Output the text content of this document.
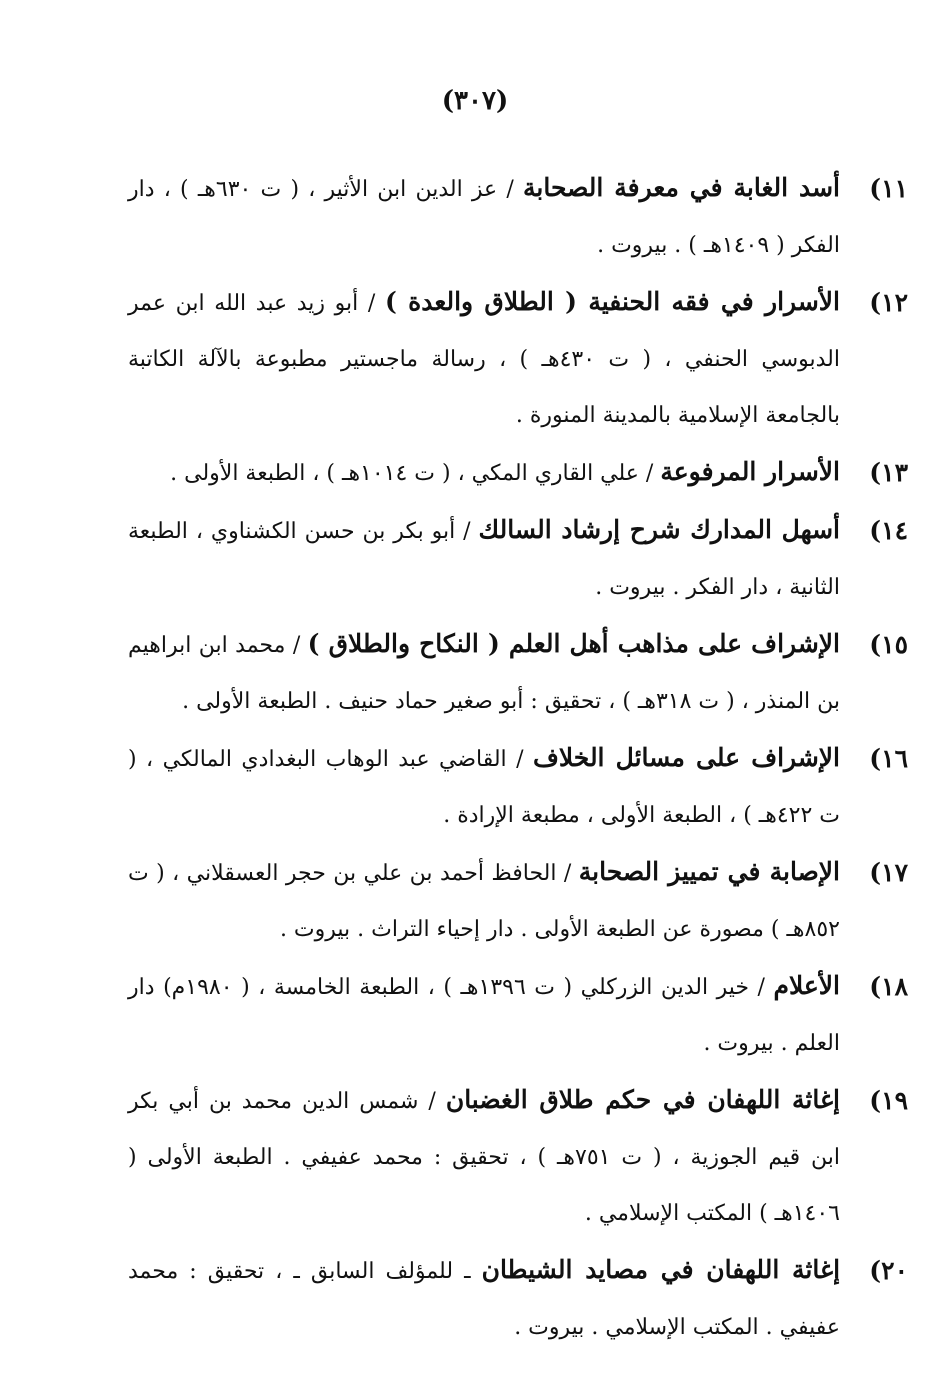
(٣٠٧)
١١)
أسد الغابة في معرفة الصحابة / عز الدين ابن الأثير ، ( ت ٦٣٠هـ ) ، دار الفكر ( ١٤٠٩هـ ) . بيروت .
١٢)
الأسرار في فقه الحنفية ( الطلاق والعدة ) / أبو زيد عبد الله ابن عمر الدبوسي الحنفي ، ( ت ٤٣٠هـ ) ، رسالة ماجستير مطبوعة بالآلة الكاتبة بالجامعة الإسلامية بالمدينة المنورة .
١٣)
الأسرار المرفوعة / علي القاري المكي ، ( ت ١٠١٤هـ ) ، الطبعة الأولى .
١٤)
أسهل المدارك شرح إرشاد السالك / أبو بكر بن حسن الكشناوي ، الطبعة الثانية ، دار الفكر . بيروت .
١٥)
الإشراف على مذاهب أهل العلم ( النكاح والطلاق ) / محمد ابن ابراهيم بن المنذر ، ( ت ٣١٨هـ ) ، تحقيق : أبو صغير حماد حنيف . الطبعة الأولى .
١٦)
الإشراف على مسائل الخلاف / القاضي عبد الوهاب البغدادي المالكي ، ( ت ٤٢٢هـ ) ، الطبعة الأولى ، مطبعة الإرادة .
١٧)
الإصابة في تمييز الصحابة / الحافظ أحمد بن علي بن حجر العسقلاني ، ( ت ٨٥٢هـ ) مصورة عن الطبعة الأولى . دار إحياء التراث . بيروت .
١٨)
الأعلام / خير الدين الزركلي ( ت ١٣٩٦هـ ) ، الطبعة الخامسة ، ( ١٩٨٠م) دار العلم . بيروت .
١٩)
إغاثة اللهفان في حكم طلاق الغضبان / شمس الدين محمد بن أبي بكر ابن قيم الجوزية ، ( ت ٧٥١هـ ) ، تحقيق : محمد عفيفي . الطبعة الأولى ( ١٤٠٦هـ ) المكتب الإسلامي .
٢٠)
إغاثة اللهفان في مصايد الشيطان ـ للمؤلف السابق ـ ، تحقيق : محمد عفيفي . المكتب الإسلامي . بيروت .
